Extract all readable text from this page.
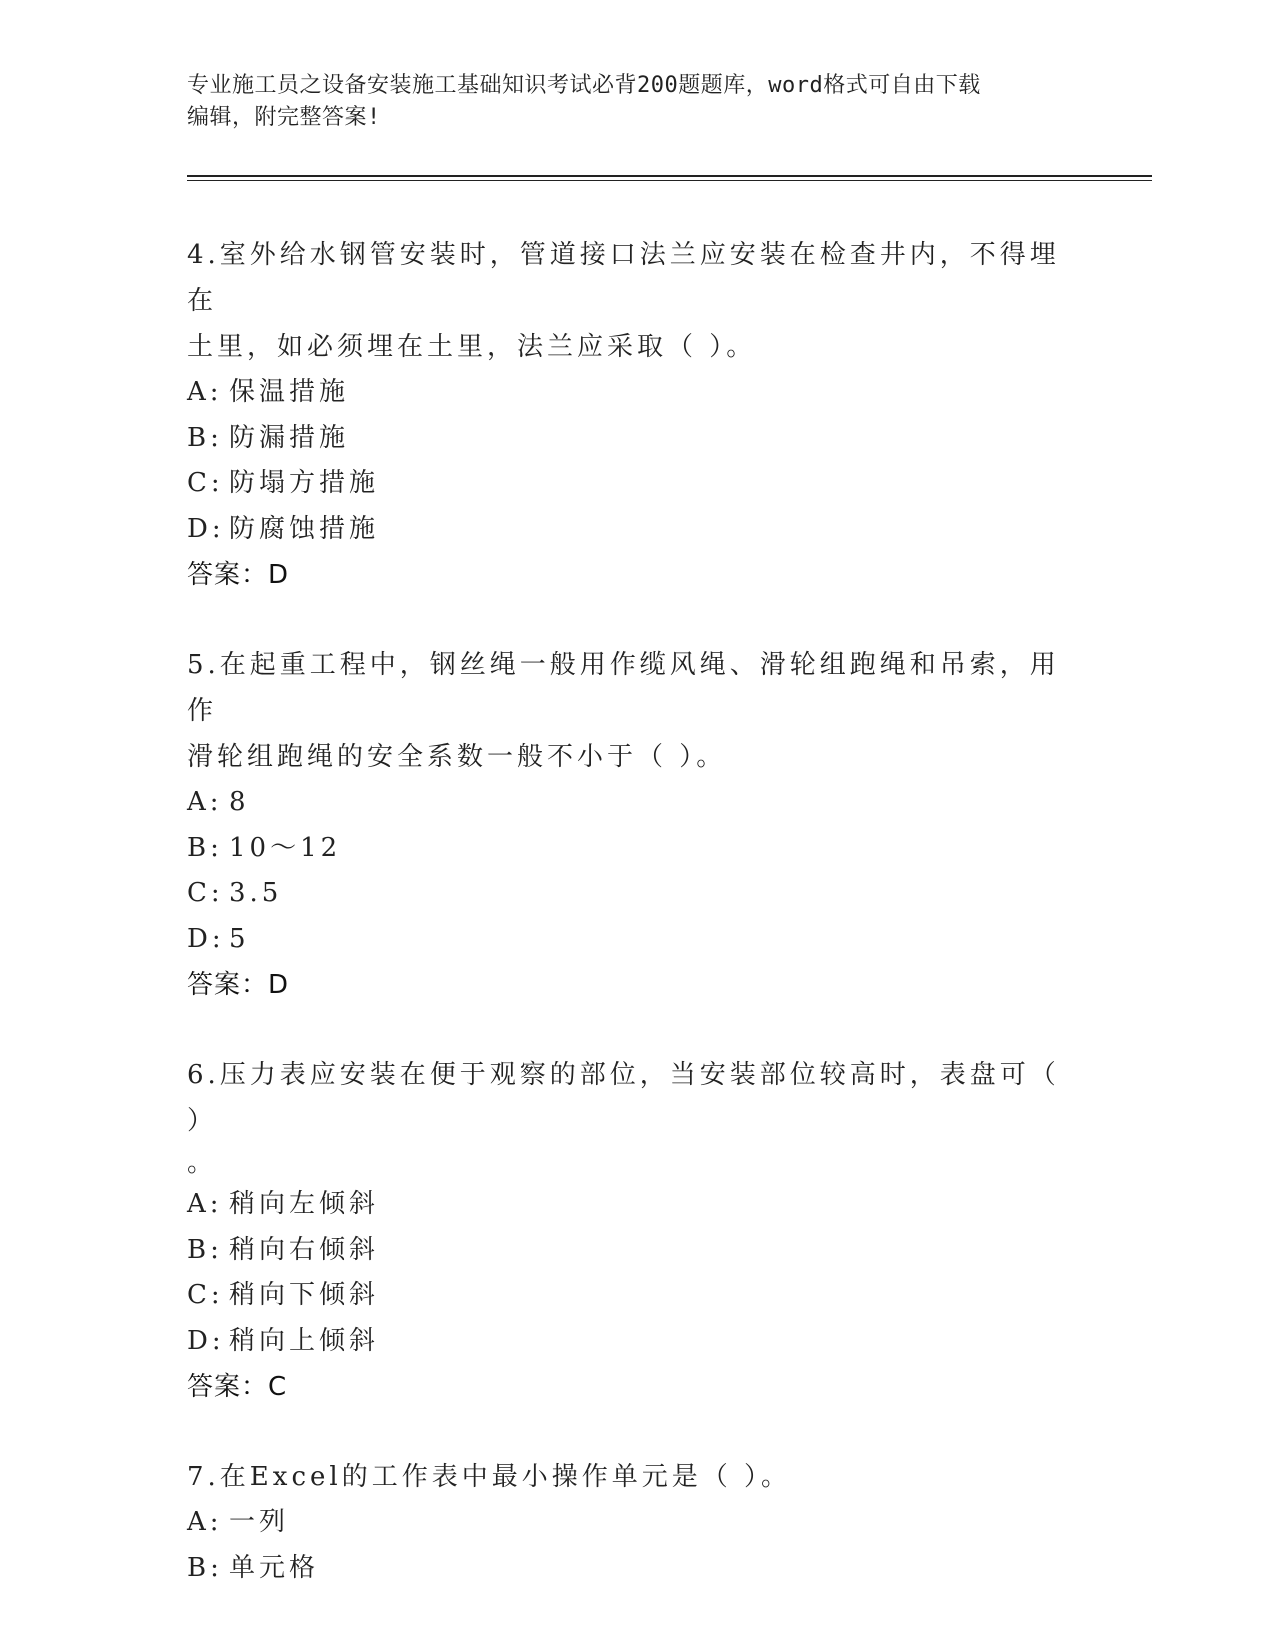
专业施工员之设备安装施工基础知识考试必背200题题库，word格式可自由下载
编辑，附完整答案!

4.室外给水钢管安装时，管道接口法兰应安装在检查井内，不得埋在

土里，如必须埋在土里，法兰应采取（ ）。

A: 保温措施

B: 防漏措施

C: 防塌方措施

D: 防腐蚀措施

答案：D

5.在起重工程中，钢丝绳一般用作缆风绳、滑轮组跑绳和吊索，用作

滑轮组跑绳的安全系数一般不小于（ ）。

A: 8

B: 10～12

C: 3.5

D: 5

答案：D

6.压力表应安装在便于观察的部位，当安装部位较高时，表盘可（ ）

。

A: 稍向左倾斜

B: 稍向右倾斜

C: 稍向下倾斜

D: 稍向上倾斜

答案：C

7.在Excel的工作表中最小操作单元是（ ）。

A: 一列

B: 单元格
